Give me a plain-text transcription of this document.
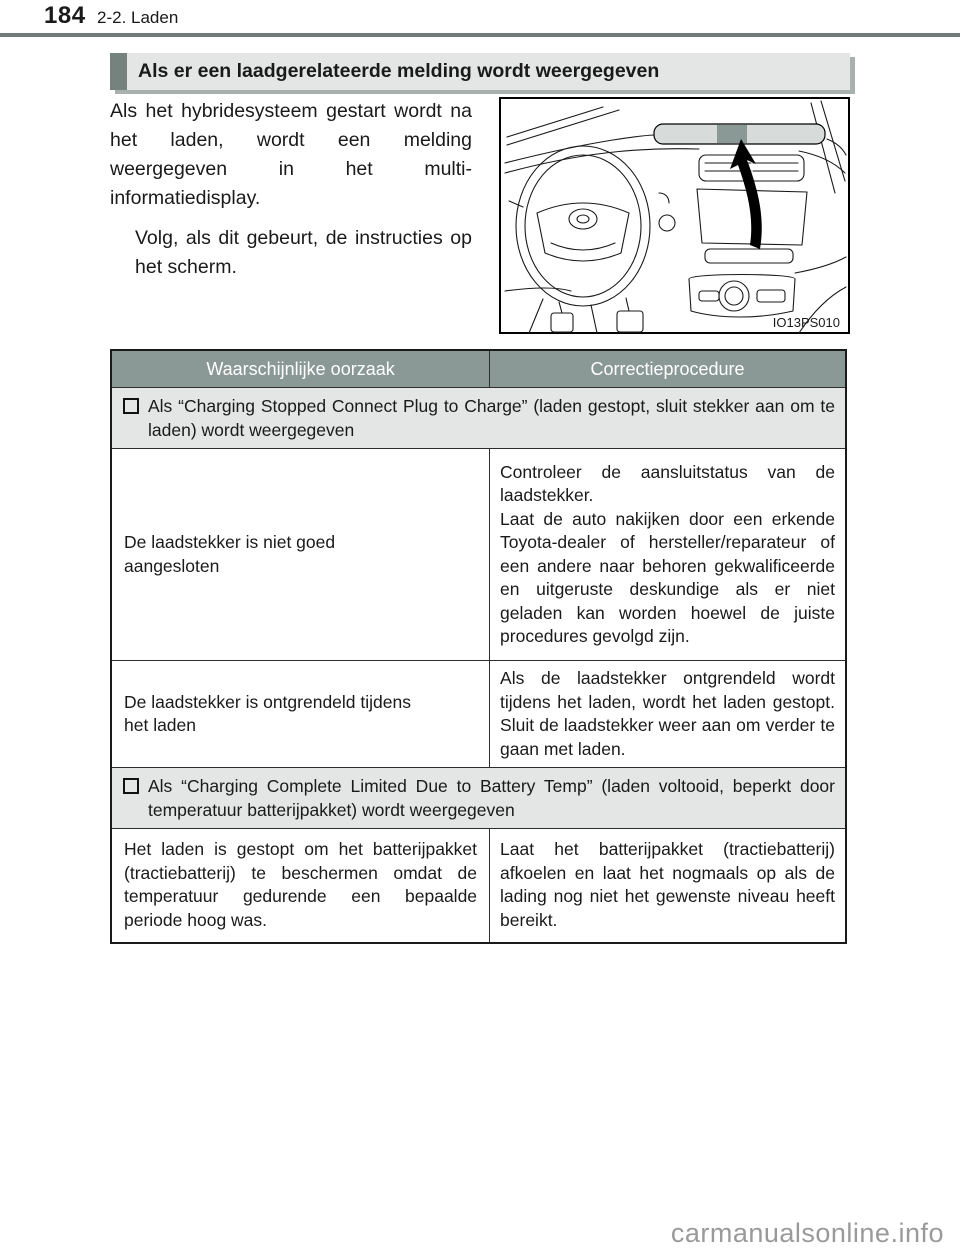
184 2-2. Laden
Als er een laadgerelateerde melding wordt weergegeven

Als het hybridesysteem gestart wordt na het laden, wordt een melding weergegeven in het multi-informatiedisplay.

Volg, als dit gebeurt, de instructies op het scherm.

IO13PS010
Waarschijnlijke oorzaak	Correctieprocedure

Als “Charging Stopped Connect Plug to Charge” (laden gestopt, sluit stekker aan om te laden) wordt weergegeven	

De laadstekker is niet goed aangesloten	Controleer de aansluitstatus van de laadstekker.
Laat de auto nakijken door een erkende Toyota-dealer of hersteller/reparateur of een andere naar behoren gekwalificeerde en uitgeruste deskundige als er niet geladen kan worden hoewel de juiste procedures gevolgd zijn.

De laadstekker is ontgrendeld tijdens het laden	Als de laadstekker ontgrendeld wordt tijdens het laden, wordt het laden gestopt. Sluit de laadstekker weer aan om verder te gaan met laden.

Als “Charging Complete Limited Due to Battery Temp” (laden voltooid, beperkt door temperatuur batterijpakket) wordt weergegeven	

Het laden is gestopt om het batterijpakket (tractiebatterij) te beschermen omdat de temperatuur gedurende een bepaalde periode hoog was.	Laat het batterijpakket (tractiebatterij) afkoelen en laat het nogmaals op als de lading nog niet het gewenste niveau heeft bereikt.
carmanualsonline.info
